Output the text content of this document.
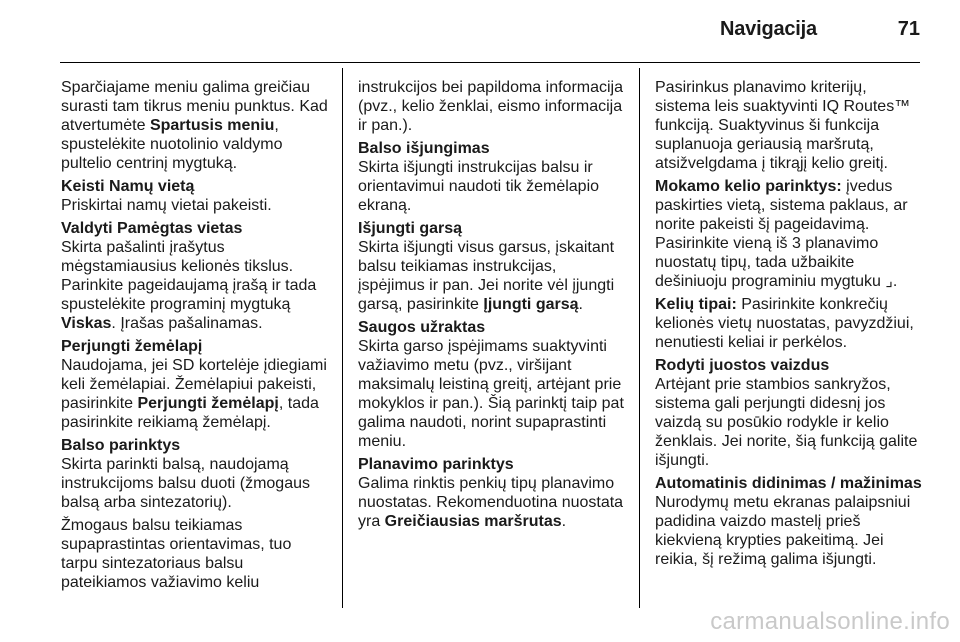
Navigacija	71

Sparčiajame meniu galima greičiau surasti tam tikrus meniu punktus. Kad atvertumėte Spartusis meniu, spustelėkite nuotolinio valdymo pultelio centrinį mygtuką.

Keisti Namų vietą
Priskirtai namų vietai pakeisti.

Valdyti Pamėgtas vietas
Skirta pašalinti įrašytus mėgstamiausius kelionės tikslus. Parinkite pageidaujamą įrašą ir tada spustelėkite programinį mygtuką Viskas. Įrašas pašalinamas.

Perjungti žemėlapį
Naudojama, jei SD kortelėje įdiegiami keli žemėlapiai. Žemėlapiui pakeisti, pasirinkite Perjungti žemėlapį, tada pasirinkite reikiamą žemėlapį.

Balso parinktys
Skirta parinkti balsą, naudojamą instrukcijoms balsu duoti (žmogaus balsą arba sintezatorių).

Žmogaus balsu teikiamas supaprastintas orientavimas, tuo tarpu sintezatoriaus balsu pateikiamos važiavimo keliu

instrukcijos bei papildoma informacija (pvz., kelio ženklai, eismo informacija ir pan.).

Balso išjungimas
Skirta išjungti instrukcijas balsu ir orientavimui naudoti tik žemėlapio ekraną.

Išjungti garsą
Skirta išjungti visus garsus, įskaitant balsu teikiamas instrukcijas, įspėjimus ir pan. Jei norite vėl įjungti garsą, pasirinkite Įjungti garsą.

Saugos užraktas
Skirta garso įspėjimams suaktyvinti važiavimo metu (pvz., viršijant maksimalų leistiną greitį, artėjant prie mokyklos ir pan.). Šią parinktį taip pat galima naudoti, norint supaprastinti meniu.

Planavimo parinktys
Galima rinktis penkių tipų planavimo nuostatas. Rekomenduotina nuostata yra Greičiausias maršrutas.

Pasirinkus planavimo kriterijų, sistema leis suaktyvinti IQ Routes™ funkciją. Suaktyvinus ši funkcija suplanuoja geriausią maršrutą, atsižvelgdama į tikrąjį kelio greitį.

Mokamo kelio parinktys: įvedus paskirties vietą, sistema paklaus, ar norite pakeisti šį pageidavimą. Pasirinkite vieną iš 3 planavimo nuostatų tipų, tada užbaikite dešiniuoju programiniu mygtuku ⌟.

Kelių tipai: Pasirinkite konkrečių kelionės vietų nuostatas, pavyzdžiui, nenutiesti keliai ir perkėlos.

Rodyti juostos vaizdus
Artėjant prie stambios sankryžos, sistema gali perjungti didesnį jos vaizdą su posūkio rodykle ir kelio ženklais. Jei norite, šią funkciją galite išjungti.

Automatinis didinimas / mažinimas
Nurodymų metu ekranas palaipsniui padidina vaizdo mastelį prieš kiekvieną krypties pakeitimą. Jei reikia, šį režimą galima išjungti.

carmanualsonline.info
